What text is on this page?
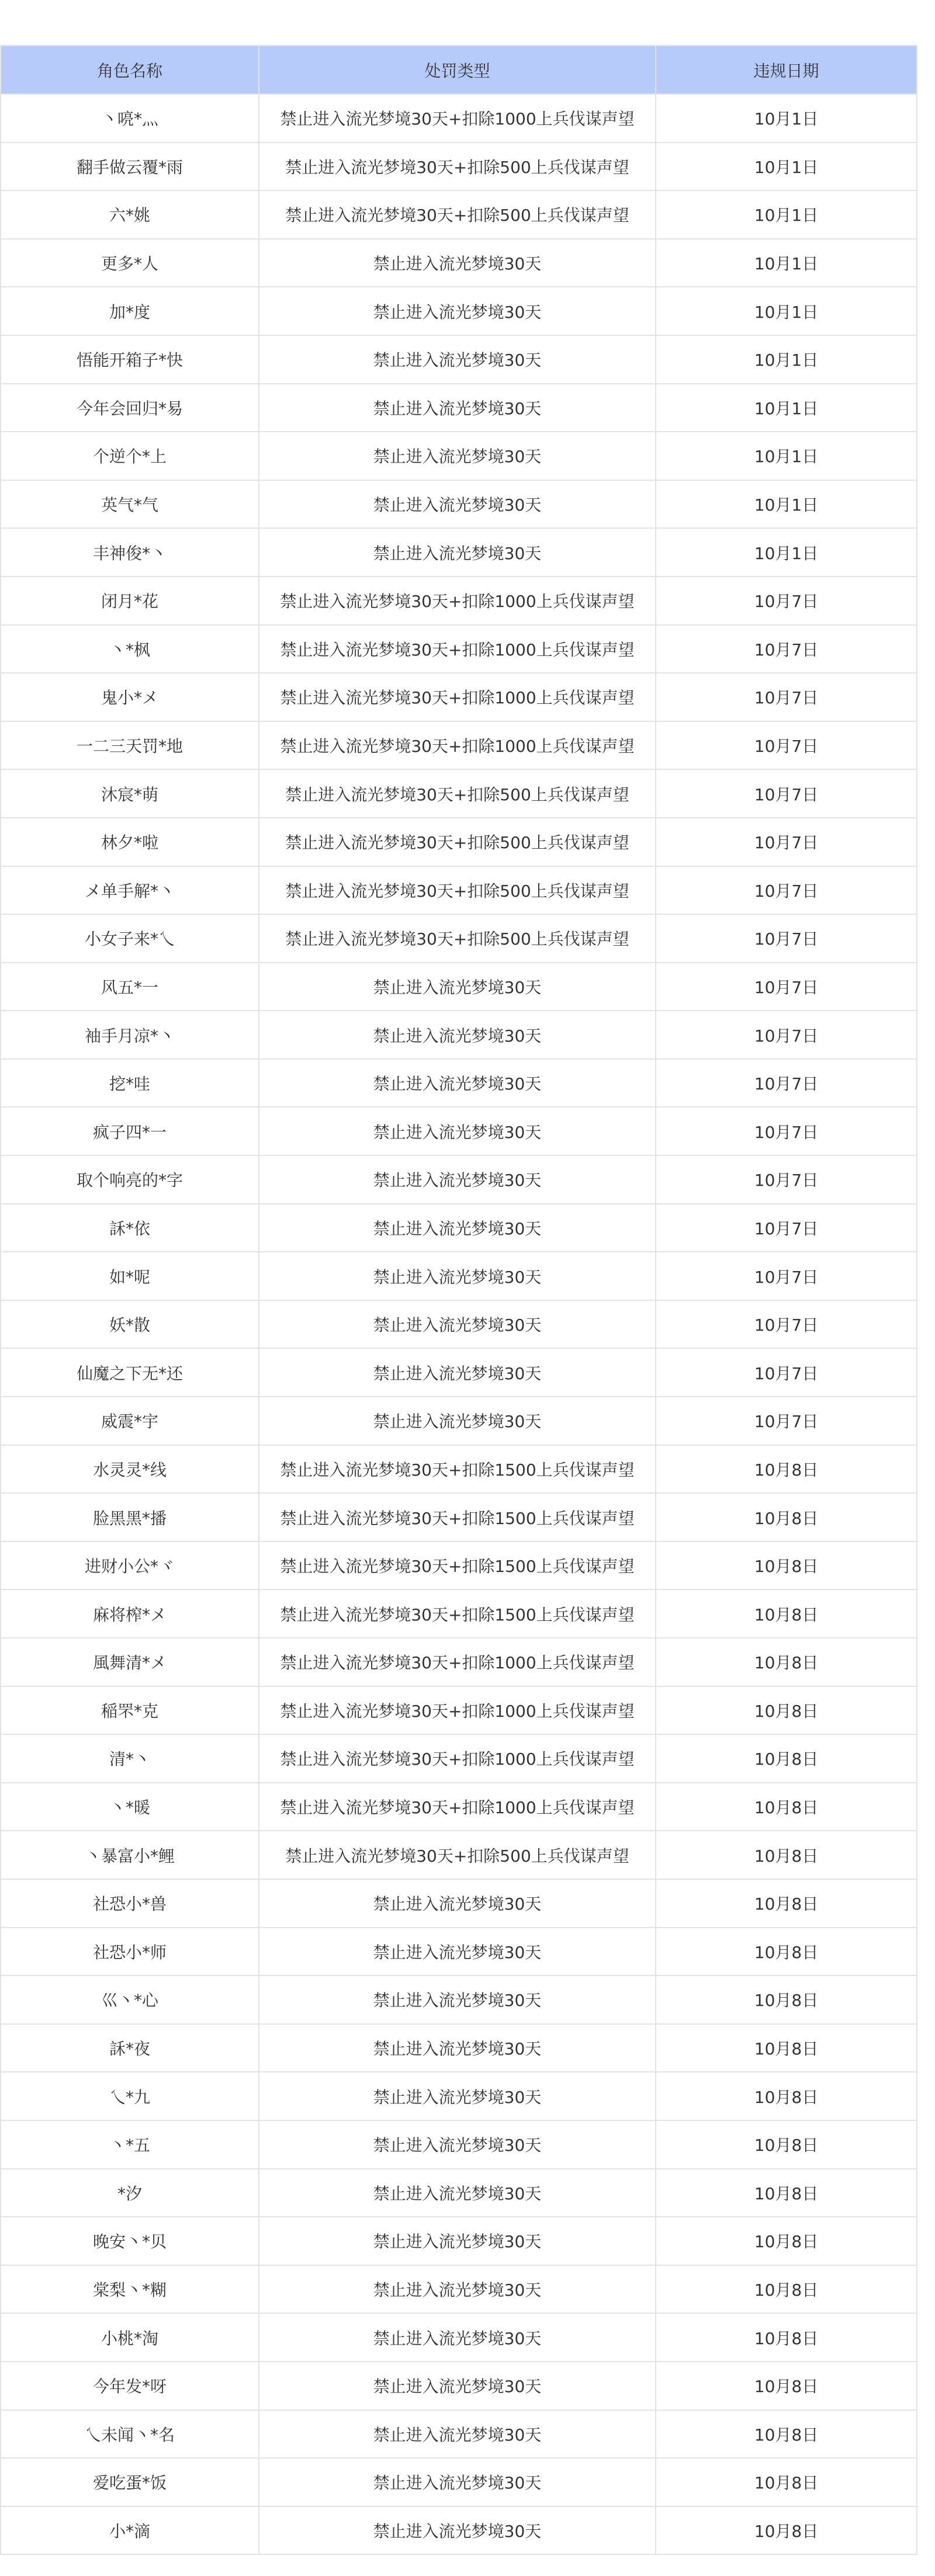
角色名称	处罚类型	违规日期
丶喨*灬	禁止进入流光梦境30天+扣除1000上兵伐谋声望	10月1日
翻手做云覆*雨	禁止进入流光梦境30天+扣除500上兵伐谋声望	10月1日
六*姚	禁止进入流光梦境30天+扣除500上兵伐谋声望	10月1日
更多*人	禁止进入流光梦境30天	10月1日
加*度	禁止进入流光梦境30天	10月1日
悟能开箱子*快	禁止进入流光梦境30天	10月1日
今年会回归*易	禁止进入流光梦境30天	10月1日
个逆个*上	禁止进入流光梦境30天	10月1日
英气*气	禁止进入流光梦境30天	10月1日
丰神俊*丶	禁止进入流光梦境30天	10月1日
闭月*花	禁止进入流光梦境30天+扣除1000上兵伐谋声望	10月7日
丶*枫	禁止进入流光梦境30天+扣除1000上兵伐谋声望	10月7日
鬼小*メ	禁止进入流光梦境30天+扣除1000上兵伐谋声望	10月7日
一二三天罚*地	禁止进入流光梦境30天+扣除1000上兵伐谋声望	10月7日
沐宸*萌	禁止进入流光梦境30天+扣除500上兵伐谋声望	10月7日
林夕*啦	禁止进入流光梦境30天+扣除500上兵伐谋声望	10月7日
メ单手解*丶	禁止进入流光梦境30天+扣除500上兵伐谋声望	10月7日
小女子来*乀	禁止进入流光梦境30天+扣除500上兵伐谋声望	10月7日
风五*一	禁止进入流光梦境30天	10月7日
袖手月凉*丶	禁止进入流光梦境30天	10月7日
挖*哇	禁止进入流光梦境30天	10月7日
疯子四*一	禁止进入流光梦境30天	10月7日
取个响亮的*字	禁止进入流光梦境30天	10月7日
訸*依	禁止进入流光梦境30天	10月7日
如*呢	禁止进入流光梦境30天	10月7日
妖*散	禁止进入流光梦境30天	10月7日
仙魔之下无*还	禁止进入流光梦境30天	10月7日
威震*宇	禁止进入流光梦境30天	10月7日
水灵灵*线	禁止进入流光梦境30天+扣除1500上兵伐谋声望	10月8日
脸黑黑*播	禁止进入流光梦境30天+扣除1500上兵伐谋声望	10月8日
进财小公*ヾ	禁止进入流光梦境30天+扣除1500上兵伐谋声望	10月8日
麻将榨*メ	禁止进入流光梦境30天+扣除1500上兵伐谋声望	10月8日
風舞清*メ	禁止进入流光梦境30天+扣除1000上兵伐谋声望	10月8日
稲罘*克	禁止进入流光梦境30天+扣除1000上兵伐谋声望	10月8日
清*丶	禁止进入流光梦境30天+扣除1000上兵伐谋声望	10月8日
丶*暖	禁止进入流光梦境30天+扣除1000上兵伐谋声望	10月8日
丶暴富小*鲤	禁止进入流光梦境30天+扣除500上兵伐谋声望	10月8日
社恐小*兽	禁止进入流光梦境30天	10月8日
社恐小*师	禁止进入流光梦境30天	10月8日
巛丶*心	禁止进入流光梦境30天	10月8日
訸*夜	禁止进入流光梦境30天	10月8日
乀*九	禁止进入流光梦境30天	10月8日
丶*五	禁止进入流光梦境30天	10月8日
*汐	禁止进入流光梦境30天	10月8日
晚安丶*贝	禁止进入流光梦境30天	10月8日
棠梨丶*糊	禁止进入流光梦境30天	10月8日
小桃*淘	禁止进入流光梦境30天	10月8日
今年发*呀	禁止进入流光梦境30天	10月8日
乀未闻丶*名	禁止进入流光梦境30天	10月8日
爱吃蛋*饭	禁止进入流光梦境30天	10月8日
小*滴	禁止进入流光梦境30天	10月8日
